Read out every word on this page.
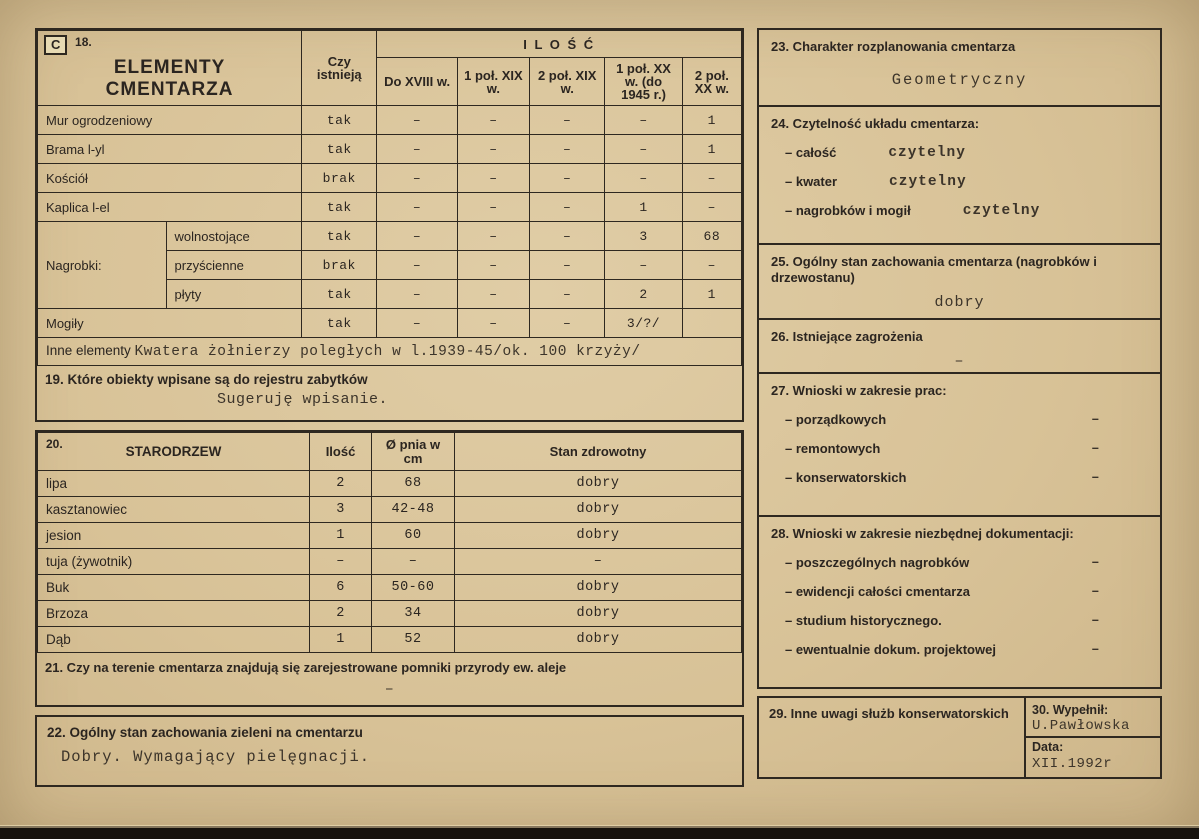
C 18.
ELEMENTY
CMENTARZA		Czy istnieją	I L O Ś Ć				
			Do XVIII w.	1 poł. XIX w.	2 poł. XIX w.	1 poł. XX w. (do 1945 r.)	2 poł. XX w.
Mur ogrodzeniowy		tak	–	–	–	–	1
Brama l-yl		tak	–	–	–	–	1
Kościół		brak	–	–	–	–	–
Kaplica l-el		tak	–	–	–	1	–
Nagrobki:	wolnostojące	tak	–	–	–	3	68
	przyścienne	brak	–	–	–	–	–
	płyty	tak	–	–	–	2	1
Mogiły		tak	–	–	–	3/?/	
Inne elementy Kwatera żołnierzy poległych w l.1939-45/ok. 100 krzyży/							
19. Które obiekty wpisane są do rejestru zabytków
Sugeruję wpisanie.
20. STARODRZEW	Ilość	Ø pnia w cm	Stan zdrowotny
lipa	2	68	dobry
kasztanowiec	3	42-48	dobry
jesion	1	60	dobry
tuja (żywotnik)	–	–	–
Buk	6	50-60	dobry
Brzoza	2	34	dobry
Dąb	1	52	dobry
21. Czy na terenie cmentarza znajdują się zarejestrowane pomniki przyrody ew. aleje
–
22. Ogólny stan zachowania zieleni na cmentarzu
Dobry. Wymagający pielęgnacji.
23. Charakter rozplanowania cmentarza
Geometryczny
24. Czytelność układu cmentarza:
– całość	czytelny
– kwater	czytelny
– nagrobków i mogił	czytelny
25. Ogólny stan zachowania cmentarza (nagrobków i drzewostanu)
dobry
26. Istniejące zagrożenia
–
27. Wnioski w zakresie prac:
– porządkowych	–
– remontowych	–
– konserwatorskich	–
28. Wnioski w zakresie niezbędnej dokumentacji:
– poszczególnych nagrobków	–
– ewidencji całości cmentarza	–
– studium historycznego.	–
– ewentualnie dokum. projektowej	–
29. Inne uwagi służb konserwatorskich	30. Wypełnił:
U.Pawłowska
Data:
XII.1992r
